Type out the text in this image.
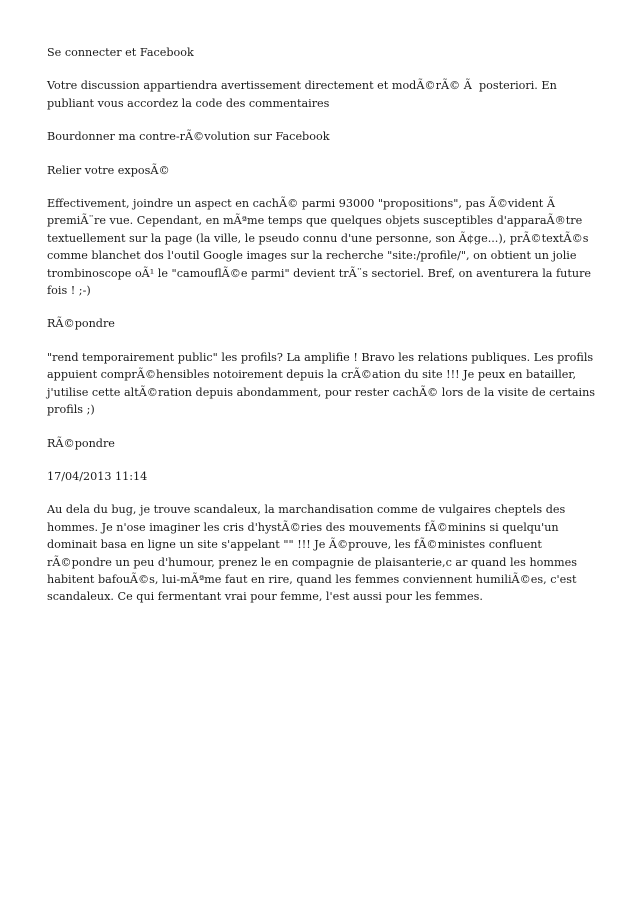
Se connecter et Facebook
Votre discussion appartiendra avertissement directement et modÃ©rÃ© Ã  posteriori. En publiant vous accordez la code des commentaires
Bourdonner ma contre-rÃ©volution sur Facebook
Relier votre exposÃ©
Effectivement, joindre un aspect en cachÃ© parmi 93000 "propositions", pas Ã©vident Ã  premiÃ¨re vue. Cependant, en mÃªme temps que quelques objets susceptibles d'apparaÃ®tre textuellement sur la page (la ville, le pseudo connu d'une personne, son Ã¢ge...), prÃ©textÃ©s comme blanchet dos l'outil Google images sur la recherche "site:/profile/", on obtient un jolie trombinoscope oÃ¹ le "camouflÃ©e parmi" devient trÃ¨s sectoriel. Bref, on aventurera la future fois ! ;-)
RÃ©pondre
"rend temporairement public" les profils? La amplifie ! Bravo les relations publiques. Les profils appuient comprÃ©hensibles notoirement depuis la crÃ©ation du site !!! Je peux en batailler, j'utilise cette altÃ©ration depuis abondamment, pour rester cachÃ© lors de la visite de certains profils ;)
RÃ©pondre
17/04/2013 11:14
Au dela du bug, je trouve scandaleux, la marchandisation comme de vulgaires cheptels des hommes. Je n'ose imaginer les cris d'hystÃ©ries des mouvements fÃ©minins si quelqu'un dominait basa en ligne un site s'appelant "" !!! Je Ã©prouve, les fÃ©ministes confluent rÃ©pondre un peu d'humour, prenez le en compagnie de plaisanterie,c ar quand les hommes habitent bafouÃ©s, lui-mÃªme faut en rire, quand les femmes conviennent humiliÃ©es, c'est scandaleux. Ce qui fermentant vrai pour femme, l'est aussi pour les femmes.
